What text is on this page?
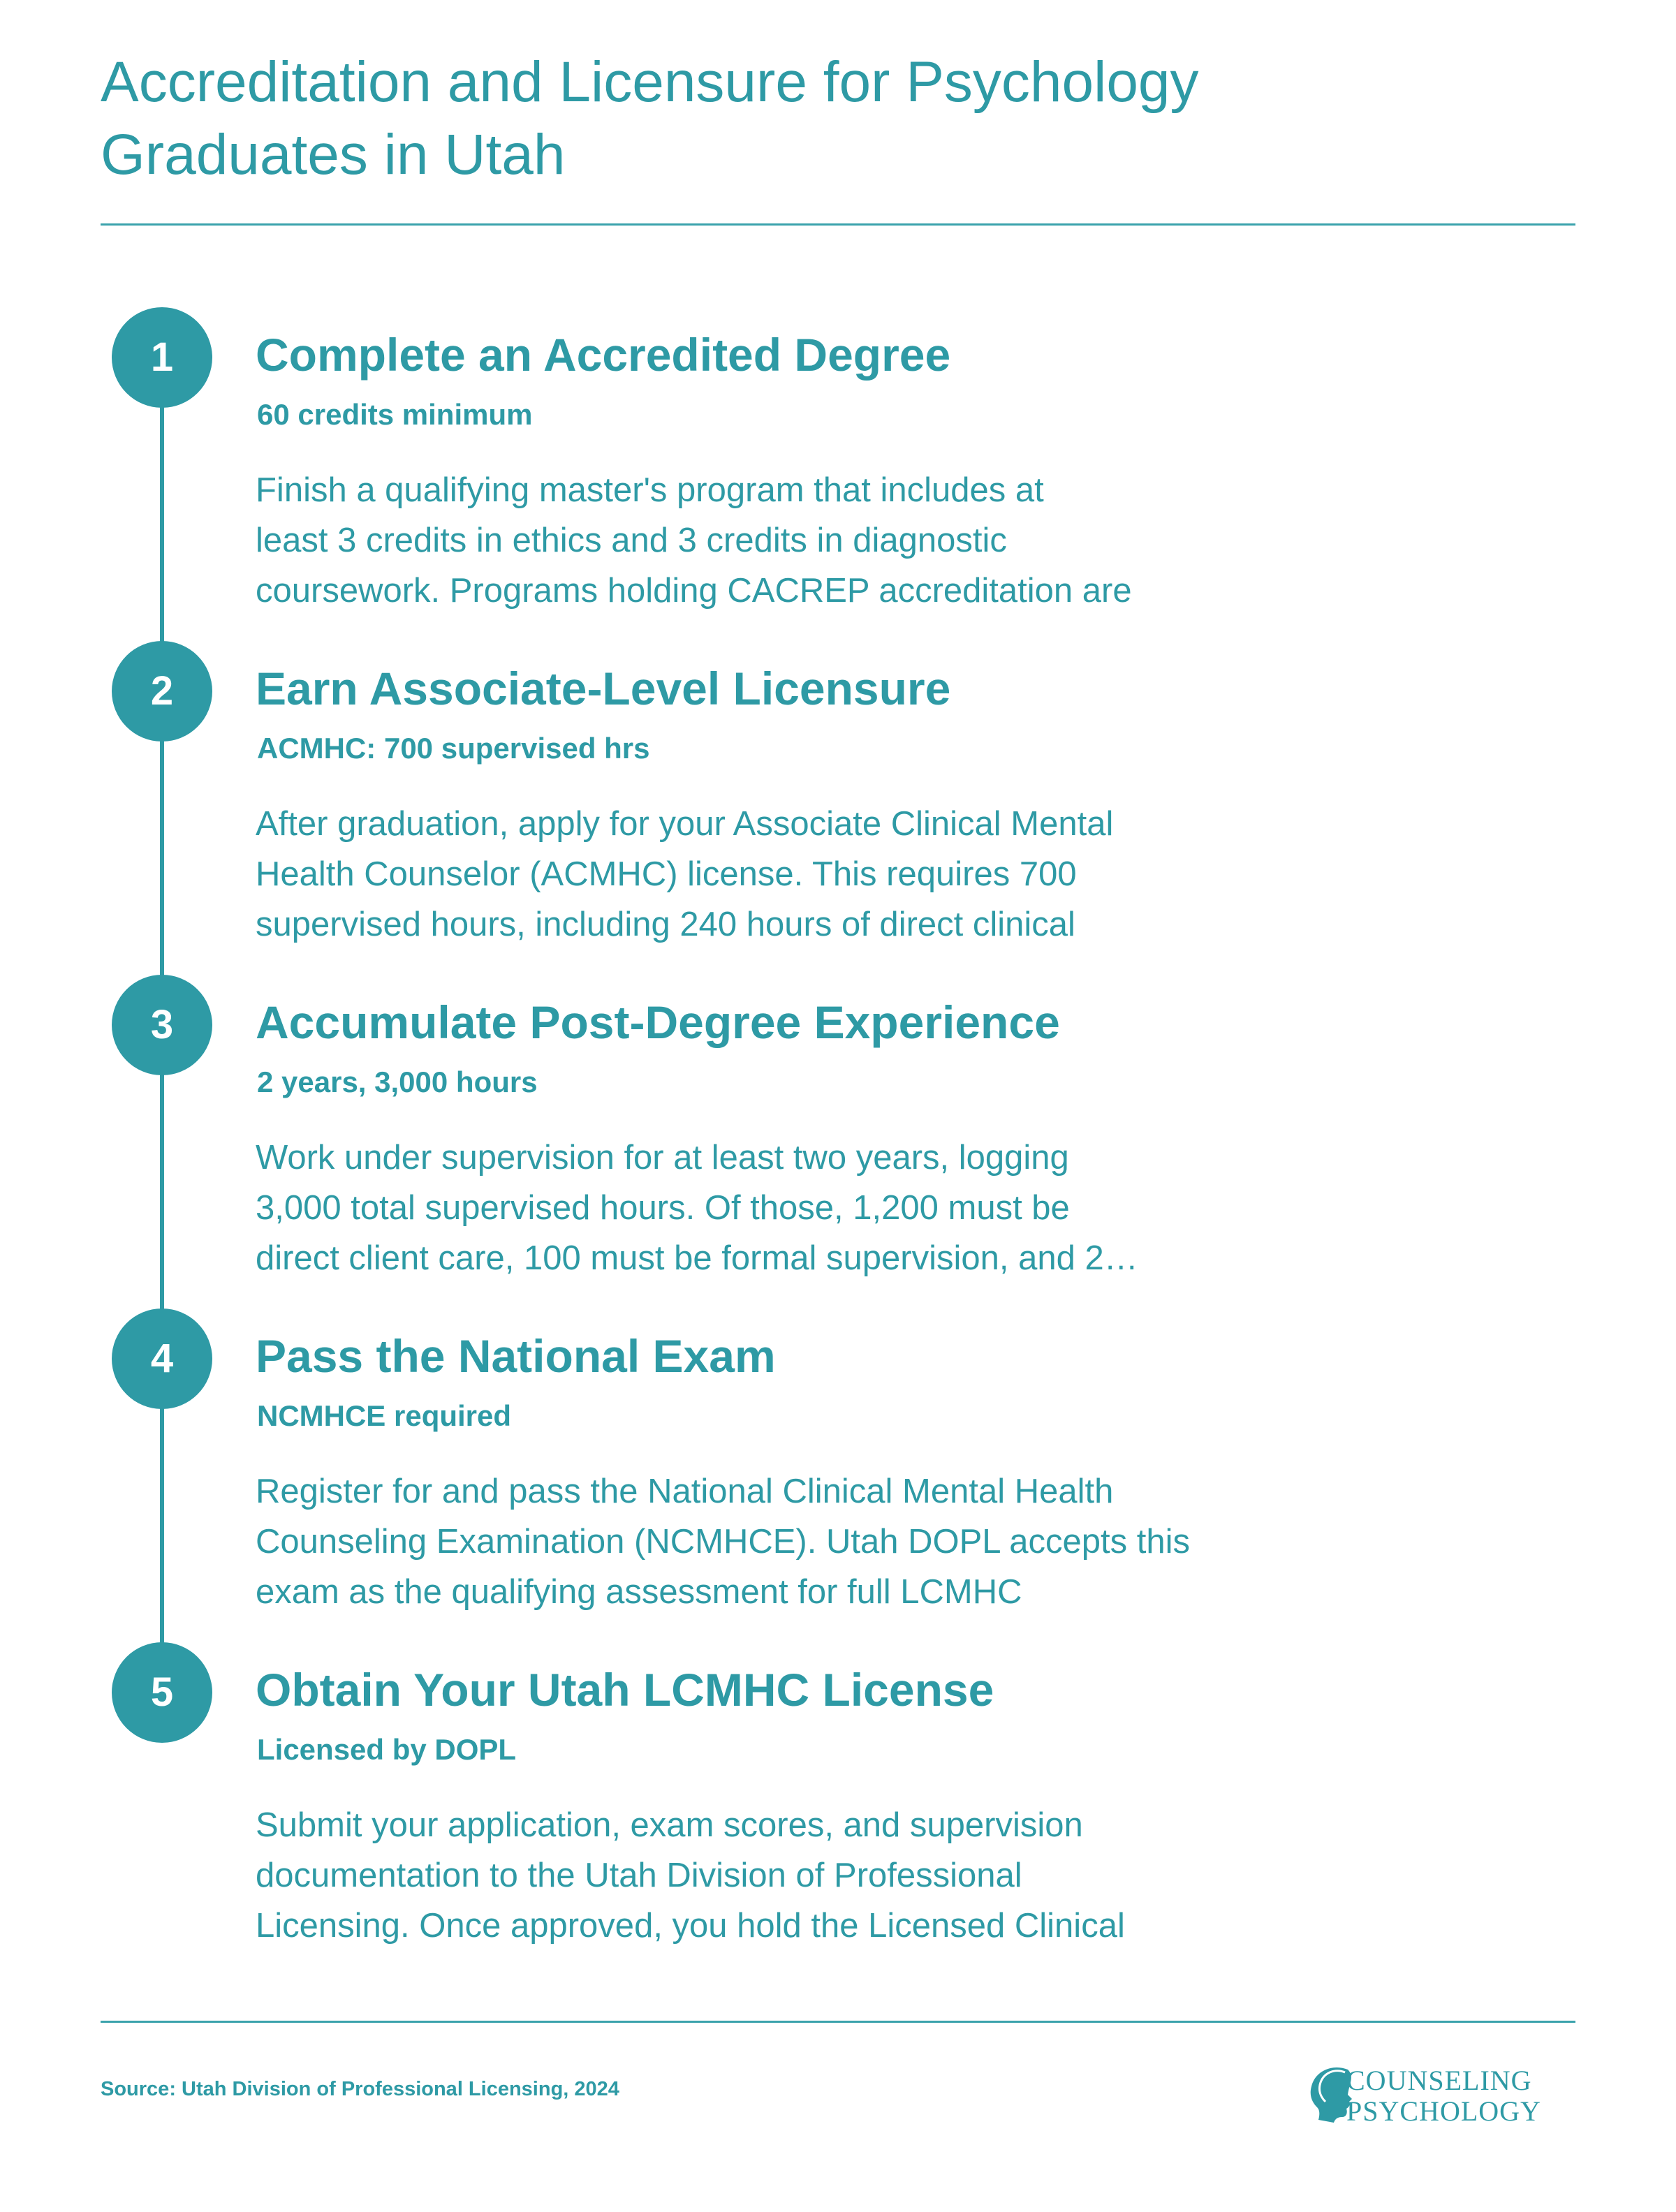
Accreditation and Licensure for Psychology
Graduates in Utah
1	Complete an Accredited Degree
60 credits minimum

Finish a qualifying master's program that includes at
least 3 credits in ethics and 3 credits in diagnostic
coursework. Programs holding CACREP accreditation are

2	Earn Associate-Level Licensure
ACMHC: 700 supervised hrs

After graduation, apply for your Associate Clinical Mental
Health Counselor (ACMHC) license. This requires 700
supervised hours, including 240 hours of direct clinical

3	Accumulate Post-Degree Experience
2 years, 3,000 hours

Work under supervision for at least two years, logging
3,000 total supervised hours. Of those, 1,200 must be
direct client care, 100 must be formal supervision, and 2…

4	Pass the National Exam
NCMHCE required

Register for and pass the National Clinical Mental Health
Counseling Examination (NCMHCE). Utah DOPL accepts this
exam as the qualifying assessment for full LCMHC

5	Obtain Your Utah LCMHC License
Licensed by DOPL

Submit your application, exam scores, and supervision
documentation to the Utah Division of Professional
Licensing. Once approved, you hold the Licensed Clinical

Source: Utah Division of Professional Licensing, 2024	COUNSELING
PSYCHOLOGY
